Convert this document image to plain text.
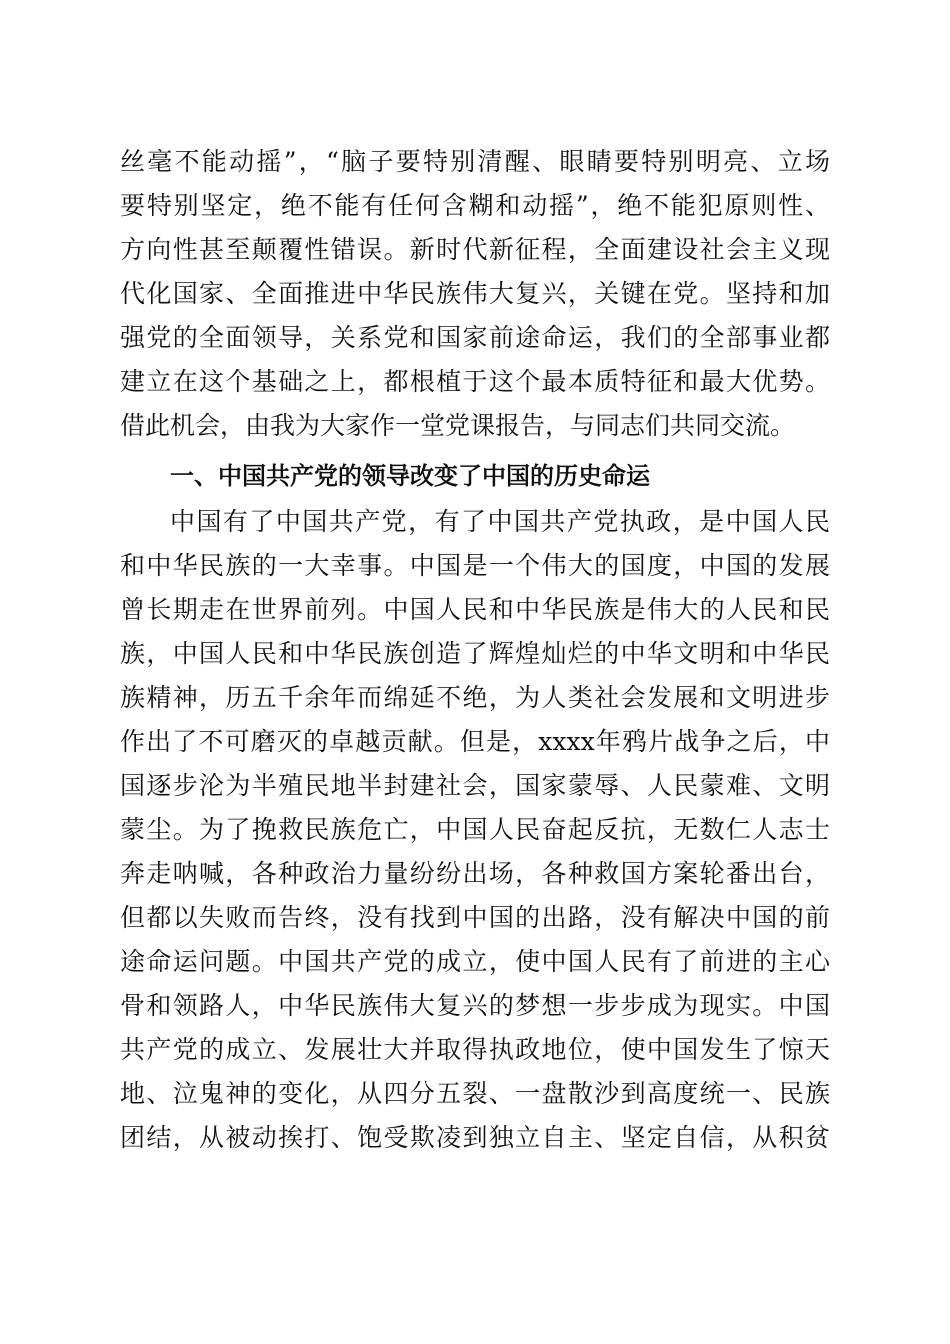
丝毫不能动摇”，“脑子要特别清醒、眼睛要特别明亮、立场
要特别坚定，绝不能有任何含糊和动摇”，绝不能犯原则性、
方向性甚至颠覆性错误。新时代新征程，全面建设社会主义现
代化国家、全面推进中华民族伟大复兴，关键在党。坚持和加
强党的全面领导，关系党和国家前途命运，我们的全部事业都
建立在这个基础之上，都根植于这个最本质特征和最大优势。
借此机会，由我为大家作一堂党课报告，与同志们共同交流。
一、中国共产党的领导改变了中国的历史命运
中国有了中国共产党，有了中国共产党执政，是中国人民
和中华民族的一大幸事。中国是一个伟大的国度，中国的发展
曾长期走在世界前列。中国人民和中华民族是伟大的人民和民
族，中国人民和中华民族创造了辉煌灿烂的中华文明和中华民
族精神，历五千余年而绵延不绝，为人类社会发展和文明进步
作出了不可磨灭的卓越贡献。但是，xxxx年鸦片战争之后，中
国逐步沦为半殖民地半封建社会，国家蒙辱、人民蒙难、文明
蒙尘。为了挽救民族危亡，中国人民奋起反抗，无数仁人志士
奔走呐喊，各种政治力量纷纷出场，各种救国方案轮番出台，
但都以失败而告终，没有找到中国的出路，没有解决中国的前
途命运问题。中国共产党的成立，使中国人民有了前进的主心
骨和领路人，中华民族伟大复兴的梦想一步步成为现实。中国
共产党的成立、发展壮大并取得执政地位，使中国发生了惊天
地、泣鬼神的变化，从四分五裂、一盘散沙到高度统一、民族
团结，从被动挨打、饱受欺凌到独立自主、坚定自信，从积贫
